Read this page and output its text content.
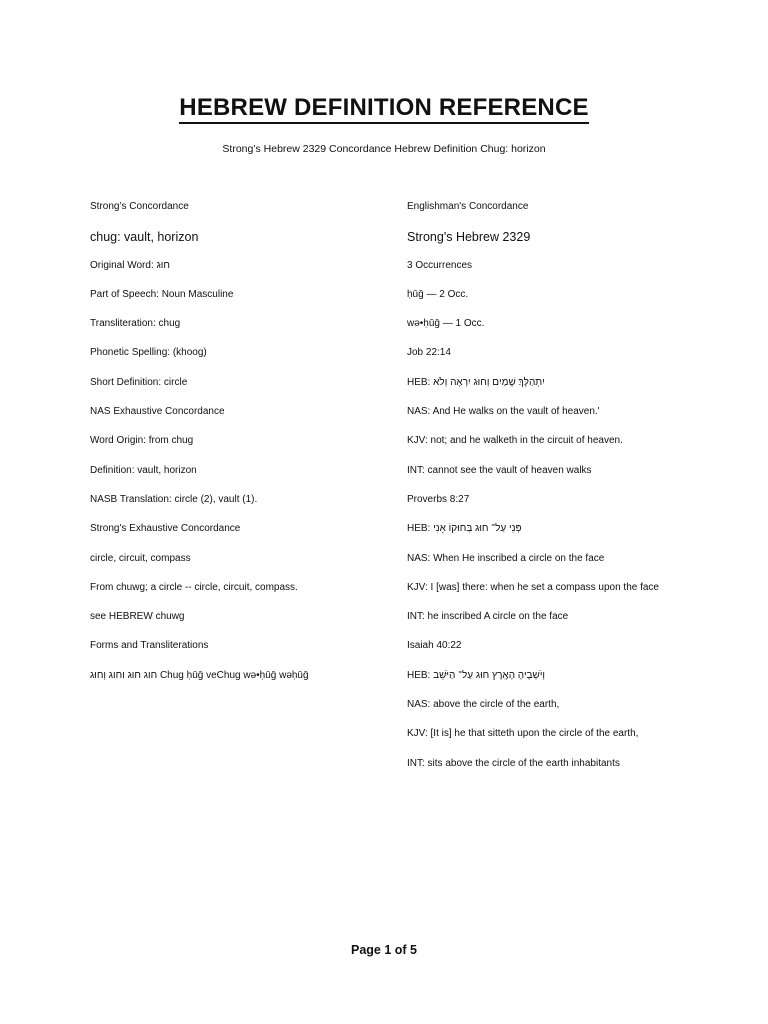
HEBREW DEFINITION REFERENCE
Strong’s Hebrew 2329 Concordance Hebrew Definition Chug: horizon
Strong’s Concordance
chug: vault, horizon
Original Word: חוּג
Part of Speech: Noun Masculine
Transliteration: chug
Phonetic Spelling: (khoog)
Short Definition: circle
NAS Exhaustive Concordance
Word Origin: from chug
Definition: vault, horizon
NASB Translation: circle (2), vault (1).
Strong's Exhaustive Concordance
circle, circuit, compass
From chuwg; a circle -- circle, circuit, compass.
see HEBREW chuwg
Forms and Transliterations
חוג חוּג וחוג וְחוּג Chug ḥūḡ veChug wə•ḥūḡ wəḥūḡ
Englishman's Concordance
Strong's Hebrew 2329
3 Occurrences
ḥūḡ — 2 Occ.
wə•ḥūḡ — 1 Occ.
Job 22:14
HEB: יִתְהַלָּךְ׃ שָׁמַיִם וְחוּג יִרְאֶה וְלֹא
NAS: And He walks on the vault of heaven.'
KJV: not; and he walketh in the circuit of heaven.
INT: cannot see the vault of heaven walks
Proverbs 8:27
HEB: פְּנֵי עַל־ חוּג בְּחוּקוֹ אָנִי
NAS: When He inscribed a circle on the face
KJV: I [was] there: when he set a compass upon the face
INT: he inscribed A circle on the face
Isaiah 40:22
HEB: וְיֹשְׁבֶיהָ הָאָֽרֶץ חוּג עַל־ הַיֹּשֵׁב
NAS: above the circle of the earth,
KJV: [It is] he that sitteth upon the circle of the earth,
INT: sits above the circle of the earth inhabitants
Page 1 of 5
